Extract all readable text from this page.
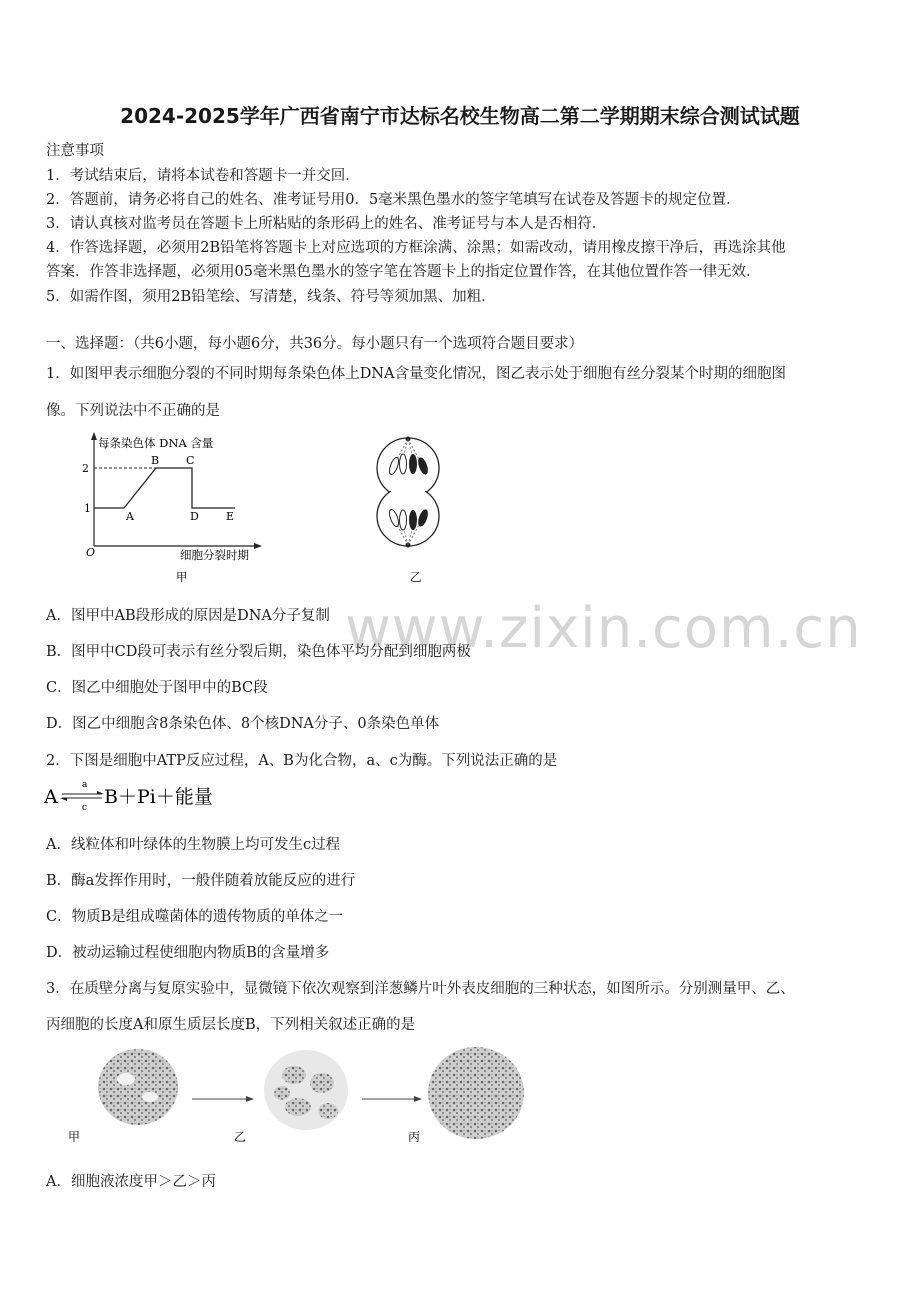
2024-2025学年广西省南宁市达标名校生物高二第二学期期末综合测试试题
注意事项
1．考试结束后，请将本试卷和答题卡一并交回．
2．答题前，请务必将自己的姓名、准考证号用0．5毫米黑色墨水的签字笔填写在试卷及答题卡的规定位置．
3．请认真核对监考员在答题卡上所粘贴的条形码上的姓名、准考证号与本人是否相符．
4．作答选择题，必须用2B铅笔将答题卡上对应选项的方框涂满、涂黑；如需改动，请用橡皮擦干净后，再选涂其他
答案．作答非选择题，必须用05毫米黑色墨水的签字笔在答题卡上的指定位置作答，在其他位置作答一律无效．
5．如需作图，须用2B铅笔绘、写清楚，线条、符号等须加黑、加粗．
一、选择题：（共6小题，每小题6分，共36分。每小题只有一个选项符合题目要求）
1．如图甲表示细胞分裂的不同时期每条染色体上DNA含量变化情况，图乙表示处于细胞有丝分裂某个时期的细胞图
像。下列说法中不正确的是
每条染色体 DNA 含量
2
1
A
B C
D E
O	细胞分裂时期
甲	乙
www.zixin.com.cn
A．图甲中AB段形成的原因是DNA分子复制
B．图甲中CD段可表示有丝分裂后期，染色体平均分配到细胞两极
C．图乙中细胞处于图甲中的BC段
D．图乙中细胞含8条染色体、8个核DNA分子、0条染色单体
2．下图是细胞中ATP反应过程，A、B为化合物，a、c为酶。下列说法正确的是
A
a
c B＋Pi＋能量
A．线粒体和叶绿体的生物膜上均可发生c过程
B．酶a发挥作用时，一般伴随着放能反应的进行
C．物质B是组成噬菌体的遗传物质的单体之一
D．被动运输过程使细胞内物质B的含量增多
3．在质壁分离与复原实验中，显微镜下依次观察到洋葱鳞片叶外表皮细胞的三种状态，如图所示。分别测量甲、乙、
丙细胞的长度A和原生质层长度B，下列相关叙述正确的是
甲	乙	丙
A．细胞液浓度甲＞乙＞丙
